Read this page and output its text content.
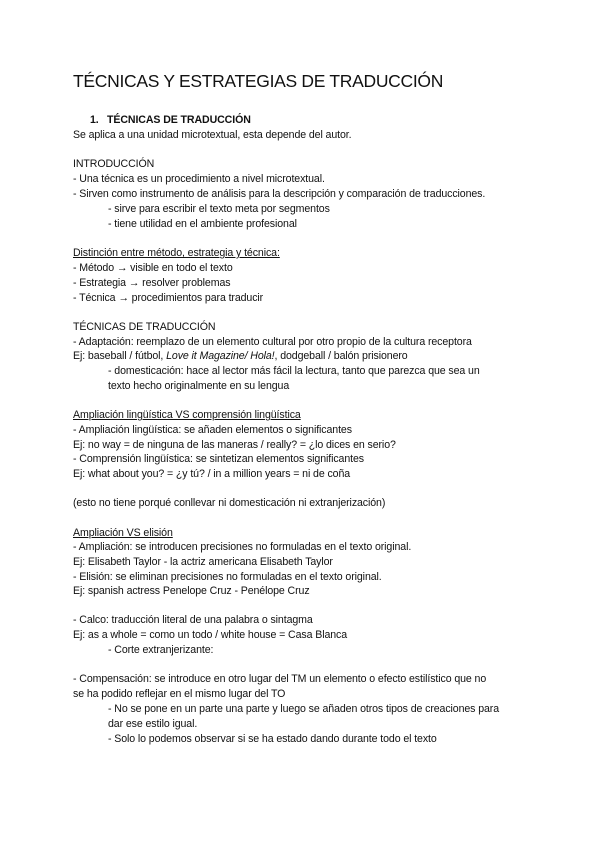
TÉCNICAS Y ESTRATEGIAS DE TRADUCCIÓN
1. TÉCNICAS DE TRADUCCIÓN
Se aplica a una unidad microtextual, esta depende del autor.
INTRODUCCIÓN
- Una técnica es un procedimiento a nivel microtextual.
- Sirven como instrumento de análisis para la descripción y comparación de traducciones.
- sirve para escribir el texto meta por segmentos
- tiene utilidad en el ambiente profesional
Distinción entre método, estrategia y técnica:
- Método → visible en todo el texto
- Estrategia → resolver problemas
- Técnica → procedimientos para traducir
TÉCNICAS DE TRADUCCIÓN
- Adaptación: reemplazo de un elemento cultural por otro propio de la cultura receptora
Ej: baseball / fútbol, Love it Magazine/ Hola!, dodgeball / balón prisionero
- domesticación: hace al lector más fácil la lectura, tanto que parezca que sea un
texto hecho originalmente en su lengua
Ampliación lingüística VS comprensión lingüística
- Ampliación lingüística: se añaden elementos o significantes
Ej: no way = de ninguna de las maneras / really? = ¿lo dices en serio?
- Comprensión lingüística: se sintetizan elementos significantes
Ej: what about you? = ¿y tú? / in a million years = ni de coña
(esto no tiene porqué conllevar ni domesticación ni extranjerización)
Ampliación VS elisión
- Ampliación: se introducen precisiones no formuladas en el texto original.
Ej: Elisabeth Taylor - la actriz americana Elisabeth Taylor
- Elisión: se eliminan precisiones no formuladas en el texto original.
Ej: spanish actress Penelope Cruz - Penélope Cruz
- Calco: traducción literal de una palabra o sintagma
Ej: as a whole = como un todo / white house = Casa Blanca
- Corte extranjerizante:
- Compensación: se introduce en otro lugar del TM un elemento o efecto estilístico que no
se ha podido reflejar en el mismo lugar del TO
- No se pone en un parte una parte y luego se añaden otros tipos de creaciones para
dar ese estilo igual.
- Solo lo podemos observar si se ha estado dando durante todo el texto
